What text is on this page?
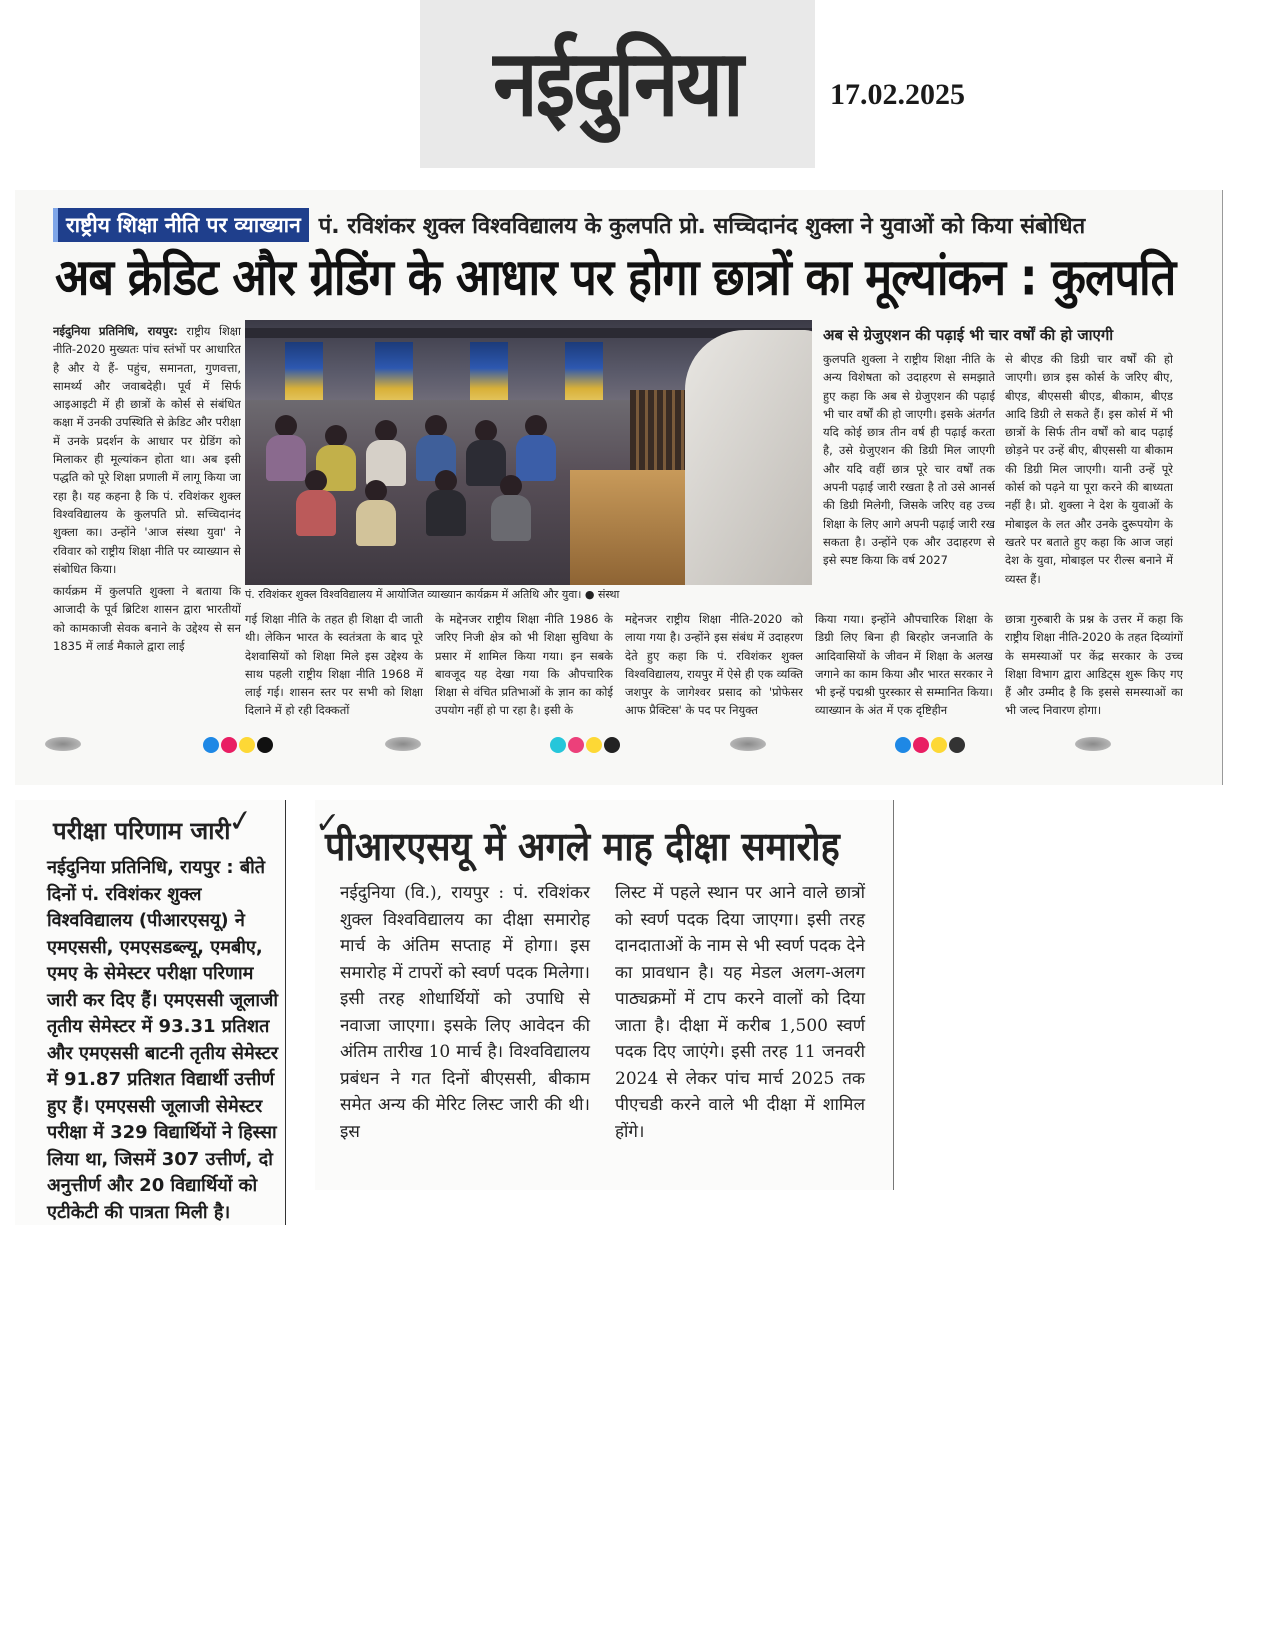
नईदुनिया	17.02.2025
राष्ट्रीय शिक्षा नीति पर व्याख्यान पं. रविशंकर शुक्ल विश्वविद्यालय के कुलपति प्रो. सच्चिदानंद शुक्ला ने युवाओं को किया संबोधित
अब क्रेडिट और ग्रेडिंग के आधार पर होगा छात्रों का मूल्यांकन : कुलपति

नईदुनिया प्रतिनिधि, रायपुर: राष्ट्रीय शिक्षा नीति-2020 मुख्यतः पांच स्तंभों पर आधारित है और ये हैं- पहुंच, समानता, गुणवत्ता, सामर्थ्य और जवाबदेही। पूर्व में सिर्फ आइआइटी में ही छात्रों के कोर्स से संबंधित कक्षा में उनकी उपस्थिति से क्रेडिट और परीक्षा में उनके प्रदर्शन के आधार पर ग्रेडिंग को मिलाकर ही मूल्यांकन होता था। अब इसी पद्धति को पूरे शिक्षा प्रणाली में लागू किया जा रहा है। यह कहना है कि पं. रविशंकर शुक्ल विश्वविद्यालय के कुलपति प्रो. सच्चिदानंद शुक्ला का। उन्होंने 'आज संस्था युवा' ने रविवार को राष्ट्रीय शिक्षा नीति पर व्याख्यान से संबोधित किया।

कार्यक्रम में कुलपति शुक्ला ने बताया कि आजादी के पूर्व ब्रिटिश शासन द्वारा भारतीयों को कामकाजी सेवक बनाने के उद्देश्य से सन 1835 में लार्ड मैकाले द्वारा लाई

पं. रविशंकर शुक्ल विश्वविद्यालय में आयोजित व्याख्यान कार्यक्रम में अतिथि और युवा। ● संस्था
अब से ग्रेजुएशन की पढ़ाई भी चार वर्षों की हो जाएगी
कुलपति शुक्ला ने राष्ट्रीय शिक्षा नीति के अन्य विशेषता को उदाहरण से समझाते हुए कहा कि अब से ग्रेजुएशन की पढ़ाई भी चार वर्षों की हो जाएगी। इसके अंतर्गत यदि कोई छात्र तीन वर्ष ही पढ़ाई करता है, उसे ग्रेजुएशन की डिग्री मिल जाएगी और यदि वहीं छात्र पूरे चार वर्षों तक अपनी पढ़ाई जारी रखता है तो उसे आनर्स की डिग्री मिलेगी, जिसके जरिए वह उच्च शिक्षा के लिए आगे अपनी पढ़ाई जारी रख सकता है। उन्होंने एक और उदाहरण से इसे स्पष्ट किया कि वर्ष 2027
से बीएड की डिग्री चार वर्षों की हो जाएगी। छात्र इस कोर्स के जरिए बीए, बीएड, बीएससी बीएड, बीकाम, बीएड आदि डिग्री ले सकते हैं। इस कोर्स में भी छात्रों के सिर्फ तीन वर्षों को बाद पढ़ाई छोड़ने पर उन्हें बीए, बीएससी या बीकाम की डिग्री मिल जाएगी। यानी उन्हें पूरे कोर्स को पढ़ने या पूरा करने की बाध्यता नहीं है। प्रो. शुक्ला ने देश के युवाओं के मोबाइल के लत और उनके दुरूपयोग के खतरे पर बताते हुए कहा कि आज जहां देश के युवा, मोबाइल पर रील्स बनाने में व्यस्त हैं।
गई शिक्षा नीति के तहत ही शिक्षा दी जाती थी। लेकिन भारत के स्वतंत्रता के बाद पूरे देशवासियों को शिक्षा मिले इस उद्देश्य के साथ पहली राष्ट्रीय शिक्षा नीति 1968 में लाई गई। शासन स्तर पर सभी को शिक्षा दिलाने में हो रही दिक्कतों
के मद्देनजर राष्ट्रीय शिक्षा नीति 1986 के जरिए निजी क्षेत्र को भी शिक्षा सुविधा के प्रसार में शामिल किया गया। इन सबके बावजूद यह देखा गया कि औपचारिक शिक्षा से वंचित प्रतिभाओं के ज्ञान का कोई उपयोग नहीं हो पा रहा है। इसी के
मद्देनजर राष्ट्रीय शिक्षा नीति-2020 को लाया गया है। उन्होंने इस संबंध में उदाहरण देते हुए कहा कि पं. रविशंकर शुक्ल विश्वविद्यालय, रायपुर में ऐसे ही एक व्यक्ति जशपुर के जागेश्वर प्रसाद को 'प्रोफेसर आफ प्रैक्टिस' के पद पर नियुक्त
किया गया। इन्होंने औपचारिक शिक्षा के डिग्री लिए बिना ही बिरहोर जनजाति के आदिवासियों के जीवन में शिक्षा के अलख जगाने का काम किया और भारत सरकार ने भी इन्हें पद्मश्री पुरस्कार से सम्मानित किया। व्याख्यान के अंत में एक दृष्टिहीन
छात्रा गुरुबारी के प्रश्न के उत्तर में कहा कि राष्ट्रीय शिक्षा नीति-2020 के तहत दिव्यांगों के समस्याओं पर केंद्र सरकार के उच्च शिक्षा विभाग द्वारा आडिट्स शुरू किए गए हैं और उम्मीद है कि इससे समस्याओं का भी जल्द निवारण होगा।
परीक्षा परिणाम जारी
✓
नईदुनिया प्रतिनिधि, रायपुर : बीते दिनों पं. रविशंकर शुक्ल विश्वविद्यालय (पीआरएसयू) ने एमएससी, एमएसडब्ल्यू, एमबीए, एमए के सेमेस्टर परीक्षा परिणाम जारी कर दिए हैं। एमएससी जूलाजी तृतीय सेमेस्टर में 93.31 प्रतिशत और एमएससी बाटनी तृतीय सेमेस्टर में 91.87 प्रतिशत विद्यार्थी उत्तीर्ण हुए हैं। एमएससी जूलाजी सेमेस्टर परीक्षा में 329 विद्यार्थियों ने हिस्सा लिया था, जिसमें 307 उत्तीर्ण, दो अनुत्तीर्ण और 20 विद्यार्थियों को एटीकेटी की पात्रता मिली है।
✓
पीआरएसयू में अगले माह दीक्षा समारोह
नईदुनिया (वि.), रायपुर : पं. रविशंकर शुक्ल विश्वविद्यालय का दीक्षा समारोह मार्च के अंतिम सप्ताह में होगा। इस समारोह में टापरों को स्वर्ण पदक मिलेगा। इसी तरह शोधार्थियों को उपाधि से नवाजा जाएगा। इसके लिए आवेदन की अंतिम तारीख 10 मार्च है। विश्वविद्यालय प्रबंधन ने गत दिनों बीएससी, बीकाम समेत अन्य की मेरिट लिस्ट जारी की थी। इस
लिस्ट में पहले स्थान पर आने वाले छात्रों को स्वर्ण पदक दिया जाएगा। इसी तरह दानदाताओं के नाम से भी स्वर्ण पदक देने का प्रावधान है। यह मेडल अलग-अलग पाठ्यक्रमों में टाप करने वालों को दिया जाता है। दीक्षा में करीब 1,500 स्वर्ण पदक दिए जाएंगे। इसी तरह 11 जनवरी 2024 से लेकर पांच मार्च 2025 तक पीएचडी करने वाले भी दीक्षा में शामिल होंगे।
